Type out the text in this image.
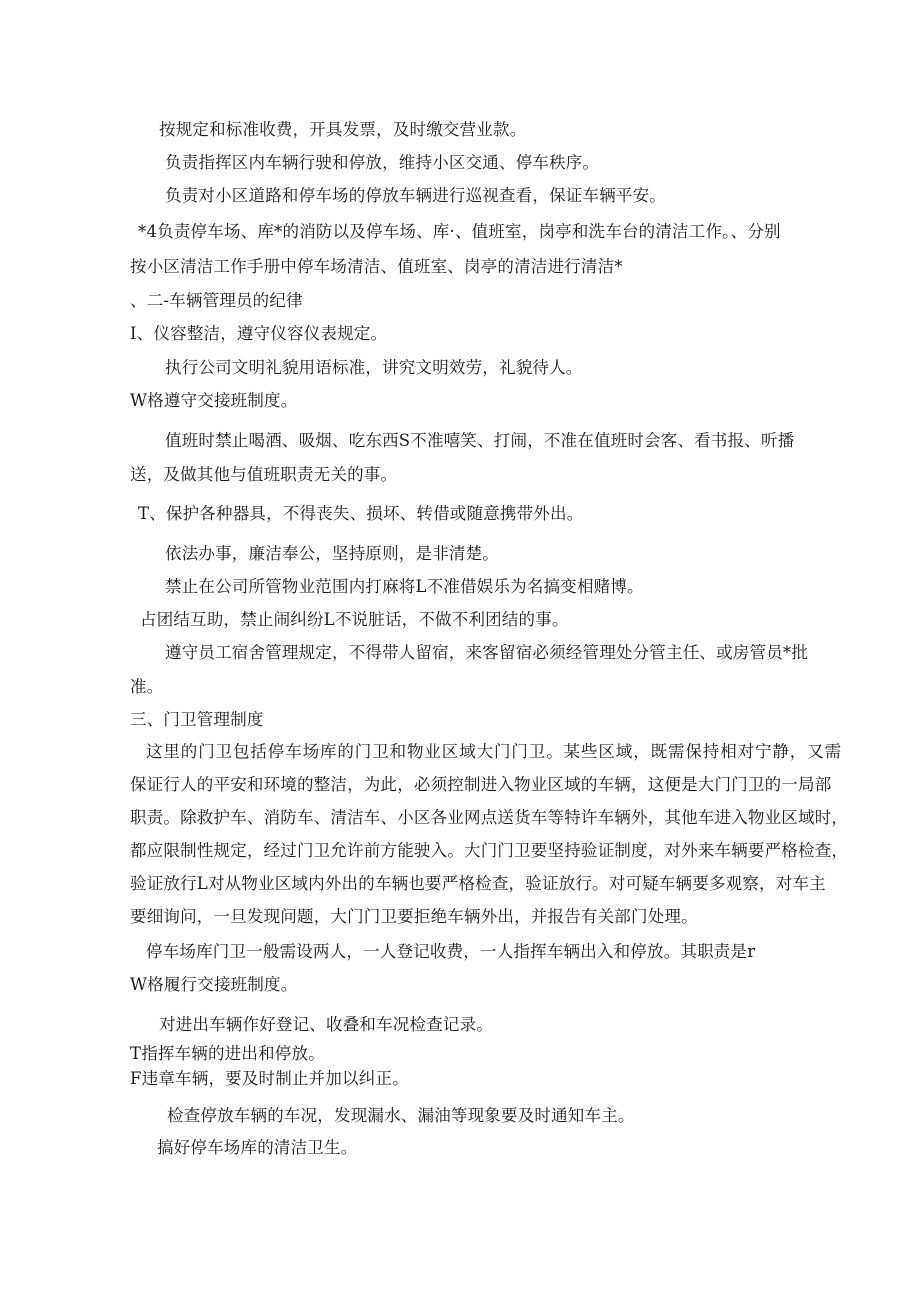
按规定和标准收费，开具发票，及时缴交营业款。
负责指挥区内车辆行驶和停放，维持小区交通、停车秩序。
负责对小区道路和停车场的停放车辆进行巡视查看，保证车辆平安。
*4负责停车场、库*的消防以及停车场、库·、值班室，岗亭和洗车台的清洁工作。、分别
按小区清洁工作手册中停车场清洁、值班室、岗亭的清洁进行清洁*
、二-车辆管理员的纪律
I、仪容整洁，遵守仪容仪表规定。
执行公司文明礼貌用语标准，讲究文明效劳，礼貌待人。
W格遵守交接班制度。
值班时禁止喝酒、吸烟、吃东西S不准嘻笑、打闹，不准在值班时会客、看书报、听播
送，及做其他与值班职责无关的事。
T、保护各种器具，不得丧失、损坏、转借或随意携带外出。
依法办事，廉洁奉公，坚持原则，是非清楚。
禁止在公司所管物业范围内打麻将L不准借娱乐为名搞变相赌博。
占团结互助，禁止闹纠纷L不说脏话，不做不利团结的事。
遵守员工宿舍管理规定，不得带人留宿，来客留宿必须经管理处分管主任、或房管员*批
准。
三、门卫管理制度
这里的门卫包括停车场库的门卫和物业区域大门门卫。某些区域，既需保持相对宁静，又需
保证行人的平安和环境的整洁，为此，必须控制进入物业区域的车辆，这便是大门门卫的一局部
职责。除救护车、消防车、清洁车、小区各业网点送货车等特许车辆外，其他车进入物业区域时，
都应限制性规定，经过门卫允许前方能驶入。大门门卫要坚持验证制度，对外来车辆要严格检查，
验证放行L对从物业区域内外出的车辆也要严格检查，验证放行。对可疑车辆要多观察，对车主
要细询问，一旦发现问题，大门门卫要拒绝车辆外出，并报告有关部门处理。
停车场库门卫一般需设两人，一人登记收费，一人指挥车辆出入和停放。其职责是r
W格履行交接班制度。
对进出车辆作好登记、收叠和车况检查记录。
T指挥车辆的进出和停放。
F违章车辆，要及时制止并加以纠正。
检查停放车辆的车况，发现漏水、漏油等现象要及时通知车主。
搞好停车场库的清洁卫生。
